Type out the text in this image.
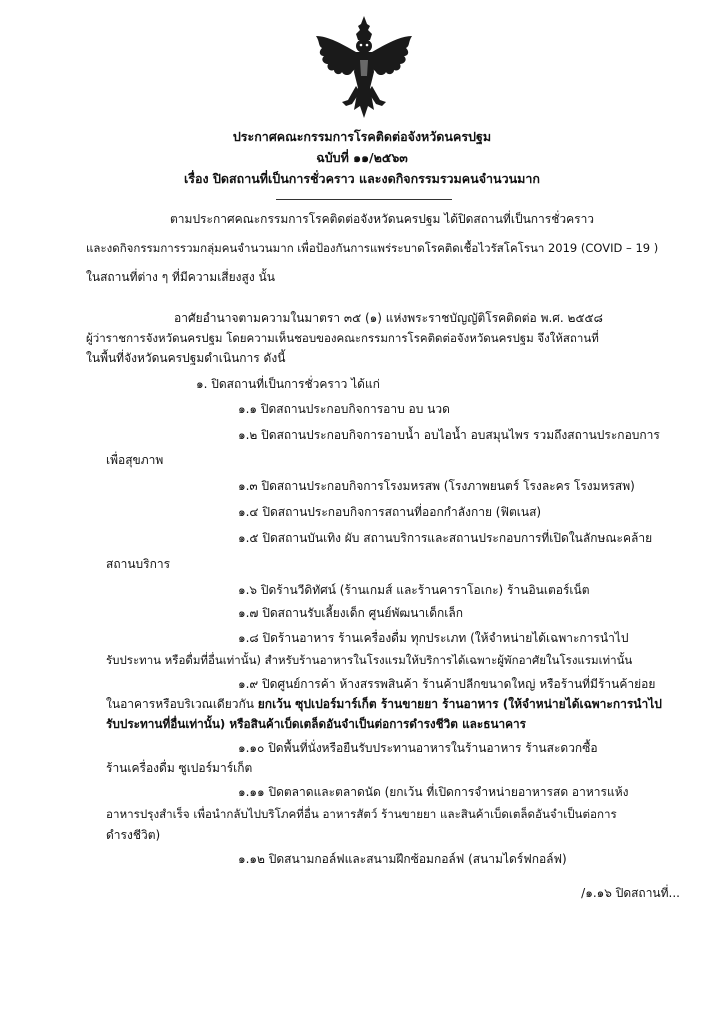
ประกาศคณะกรรมการโรคติดต่อจังหวัดนครปฐม
ฉบับที่ ๑๑/๒๕๖๓
เรื่อง ปิดสถานที่เป็นการชั่วคราว และงดกิจกรรมรวมคนจำนวนมาก
ตามประกาศคณะกรรมการโรคติดต่อจังหวัดนครปฐม ได้ปิดสถานที่เป็นการชั่วคราว
และงดกิจกรรมการรวมกลุ่มคนจำนวนมาก เพื่อป้องกันการแพร่ระบาดโรคติดเชื้อไวรัสโคโรนา 2019 (COVID – 19 )
ในสถานที่ต่าง ๆ ที่มีความเสี่ยงสูง นั้น
อาศัยอำนาจตามความในมาตรา ๓๕ (๑) แห่งพระราชบัญญัติโรคติดต่อ พ.ศ. ๒๕๕๘
ผู้ว่าราชการจังหวัดนครปฐม โดยความเห็นชอบของคณะกรรมการโรคติดต่อจังหวัดนครปฐม จึงให้สถานที่
ในพื้นที่จังหวัดนครปฐมดำเนินการ ดังนี้
๑. ปิดสถานที่เป็นการชั่วคราว ได้แก่
๑.๑ ปิดสถานประกอบกิจการอาบ อบ นวด
๑.๒ ปิดสถานประกอบกิจการอาบน้ำ อบไอน้ำ อบสมุนไพร รวมถึงสถานประกอบการ
เพื่อสุขภาพ
๑.๓ ปิดสถานประกอบกิจการโรงมหรสพ (โรงภาพยนตร์ โรงละคร โรงมหรสพ)
๑.๔ ปิดสถานประกอบกิจการสถานที่ออกกำลังกาย (ฟิตเนส)
๑.๕ ปิดสถานบันเทิง ผับ สถานบริการและสถานประกอบการที่เปิดในลักษณะคล้าย
สถานบริการ
๑.๖ ปิดร้านวีดิทัศน์ (ร้านเกมส์ และร้านคาราโอเกะ) ร้านอินเตอร์เน็ต
๑.๗ ปิดสถานรับเลี้ยงเด็ก ศูนย์พัฒนาเด็กเล็ก
๑.๘ ปิดร้านอาหาร ร้านเครื่องดื่ม ทุกประเภท (ให้จำหน่ายได้เฉพาะการนำไป
รับประทาน หรือดื่มที่อื่นเท่านั้น) สำหรับร้านอาหารในโรงแรมให้บริการได้เฉพาะผู้พักอาศัยในโรงแรมเท่านั้น
๑.๙ ปิดศูนย์การค้า ห้างสรรพสินค้า ร้านค้าปลีกขนาดใหญ่ หรือร้านที่มีร้านค้าย่อย
ในอาคารหรือบริเวณเดียวกัน ยกเว้น ซุปเปอร์มาร์เก็ต ร้านขายยา ร้านอาหาร (ให้จำหน่ายได้เฉพาะการนำไป
รับประทานที่อื่นเท่านั้น) หรือสินค้าเบ็ดเตล็ดอันจำเป็นต่อการดำรงชีวิต และธนาคาร
๑.๑๐ ปิดพื้นที่นั่งหรือยืนรับประทานอาหารในร้านอาหาร ร้านสะดวกซื้อ
ร้านเครื่องดื่ม ซูเปอร์มาร์เก็ต
๑.๑๑ ปิดตลาดและตลาดนัด (ยกเว้น ที่เปิดการจำหน่ายอาหารสด อาหารแห้ง
อาหารปรุงสำเร็จ เพื่อนำกลับไปบริโภคที่อื่น อาหารสัตว์ ร้านขายยา และสินค้าเบ็ดเตล็ดอันจำเป็นต่อการ
ดำรงชีวิต)
๑.๑๒ ปิดสนามกอล์ฟและสนามฝึกซ้อมกอล์ฟ (สนามไดร์ฟกอล์ฟ)
/๑.๑๖ ปิดสถานที่...
